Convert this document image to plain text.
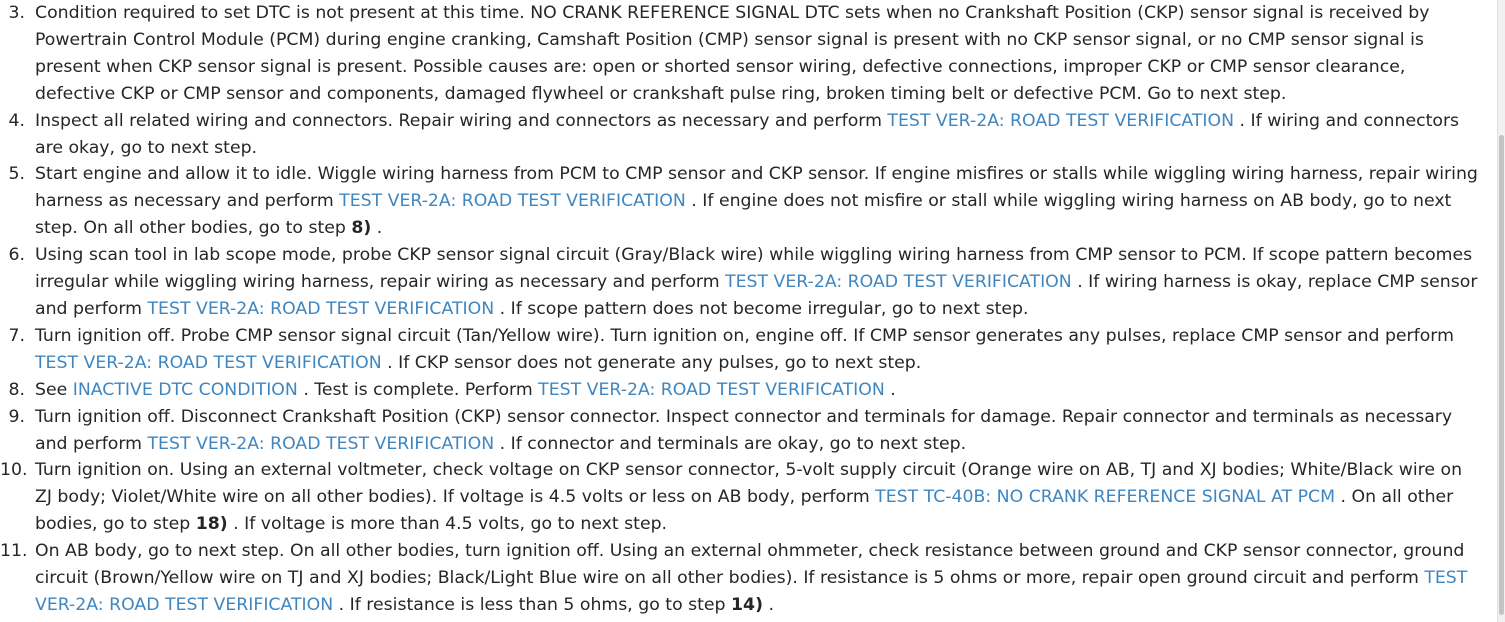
3. Condition required to set DTC is not present at this time. NO CRANK REFERENCE SIGNAL DTC sets when no Crankshaft Position (CKP) sensor signal is received by Powertrain Control Module (PCM) during engine cranking, Camshaft Position (CMP) sensor signal is present with no CKP sensor signal, or no CMP sensor signal is present when CKP sensor signal is present. Possible causes are: open or shorted sensor wiring, defective connections, improper CKP or CMP sensor clearance, defective CKP or CMP sensor and components, damaged flywheel or crankshaft pulse ring, broken timing belt or defective PCM. Go to next step.
4. Inspect all related wiring and connectors. Repair wiring and connectors as necessary and perform TEST VER-2A: ROAD TEST VERIFICATION . If wiring and connectors are okay, go to next step.
5. Start engine and allow it to idle. Wiggle wiring harness from PCM to CMP sensor and CKP sensor. If engine misfires or stalls while wiggling wiring harness, repair wiring harness as necessary and perform TEST VER-2A: ROAD TEST VERIFICATION . If engine does not misfire or stall while wiggling wiring harness on AB body, go to next step. On all other bodies, go to step 8) .
6. Using scan tool in lab scope mode, probe CKP sensor signal circuit (Gray/Black wire) while wiggling wiring harness from CMP sensor to PCM. If scope pattern becomes irregular while wiggling wiring harness, repair wiring as necessary and perform TEST VER-2A: ROAD TEST VERIFICATION . If wiring harness is okay, replace CMP sensor and perform TEST VER-2A: ROAD TEST VERIFICATION . If scope pattern does not become irregular, go to next step.
7. Turn ignition off. Probe CMP sensor signal circuit (Tan/Yellow wire). Turn ignition on, engine off. If CMP sensor generates any pulses, replace CMP sensor and perform TEST VER-2A: ROAD TEST VERIFICATION . If CKP sensor does not generate any pulses, go to next step.
8. See INACTIVE DTC CONDITION . Test is complete. Perform TEST VER-2A: ROAD TEST VERIFICATION .
9. Turn ignition off. Disconnect Crankshaft Position (CKP) sensor connector. Inspect connector and terminals for damage. Repair connector and terminals as necessary and perform TEST VER-2A: ROAD TEST VERIFICATION . If connector and terminals are okay, go to next step.
10. Turn ignition on. Using an external voltmeter, check voltage on CKP sensor connector, 5-volt supply circuit (Orange wire on AB, TJ and XJ bodies; White/Black wire on ZJ body; Violet/White wire on all other bodies). If voltage is 4.5 volts or less on AB body, perform TEST TC-40B: NO CRANK REFERENCE SIGNAL AT PCM . On all other bodies, go to step 18) . If voltage is more than 4.5 volts, go to next step.
11. On AB body, go to next step. On all other bodies, turn ignition off. Using an external ohmmeter, check resistance between ground and CKP sensor connector, ground circuit (Brown/Yellow wire on TJ and XJ bodies; Black/Light Blue wire on all other bodies). If resistance is 5 ohms or more, repair open ground circuit and perform TEST VER-2A: ROAD TEST VERIFICATION . If resistance is less than 5 ohms, go to step 14) .
